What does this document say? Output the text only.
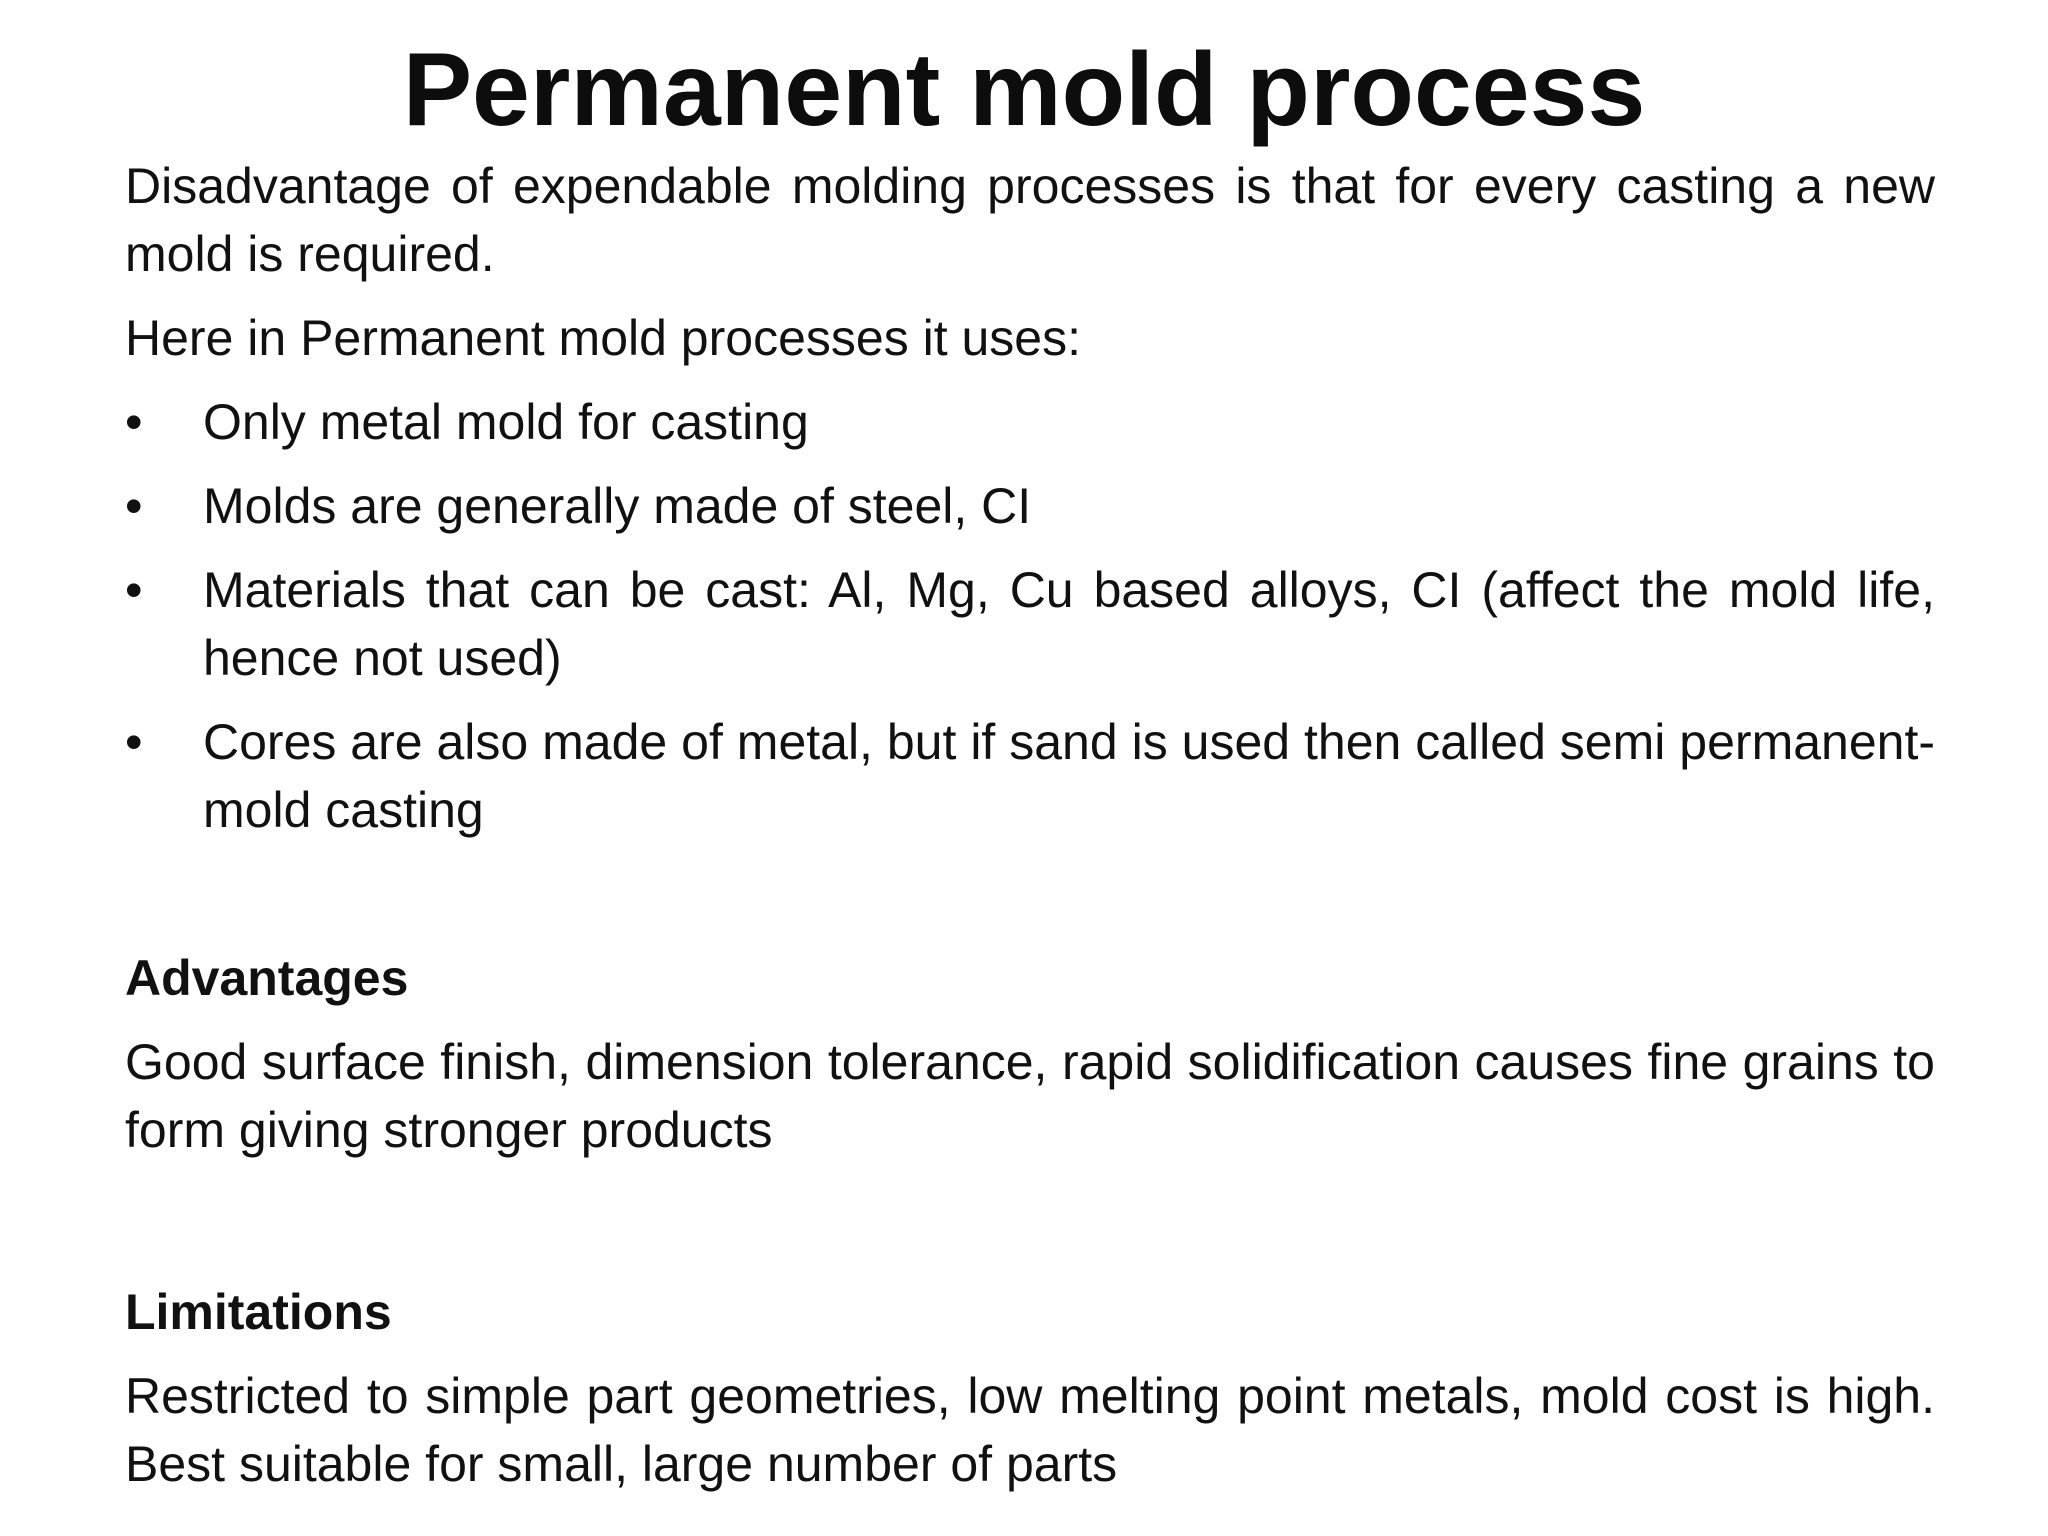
Permanent mold process

Disadvantage of expendable molding processes is that for every casting a new mold is required.

Here in Permanent mold processes it uses:

•	Only metal mold for casting
•	Molds are generally made of steel, CI
•	Materials that can be cast: Al, Mg, Cu based alloys, CI (affect the mold life, hence not used)
•	Cores are also made of metal, but if sand is used then called semi permanent-mold casting

Advantages

Good surface finish, dimension tolerance, rapid solidification causes fine grains to form giving stronger products

Limitations

Restricted to simple part geometries, low melting point metals, mold cost is high. Best suitable for small, large number of parts
